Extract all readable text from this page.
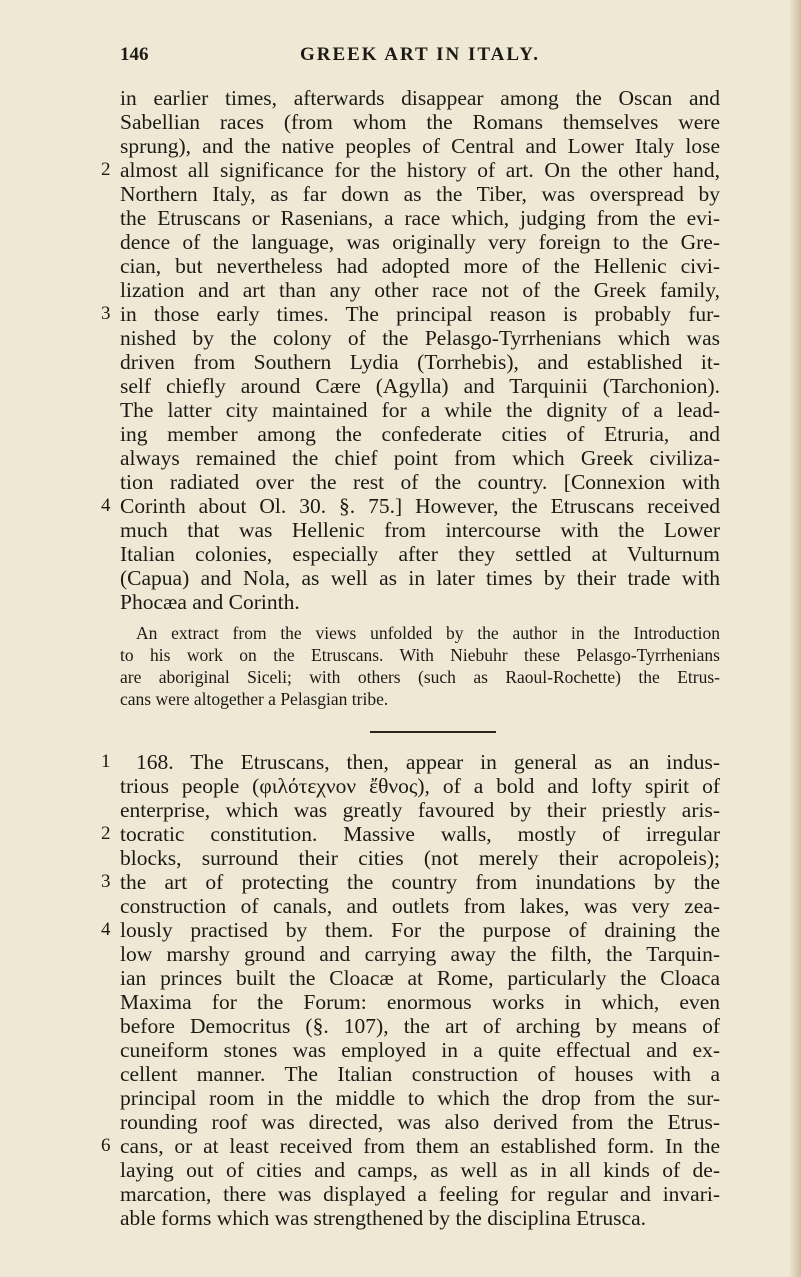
146	GREEK ART IN ITALY.
in earlier times, afterwards disappear among the Oscan and
Sabellian races (from whom the Romans themselves were
sprung), and the native peoples of Central and Lower Italy lose
almost all significance for the history of art. On the other hand,
Northern Italy, as far down as the Tiber, was overspread by
the Etruscans or Rasenians, a race which, judging from the evi-
dence of the language, was originally very foreign to the Gre-
cian, but nevertheless had adopted more of the Hellenic civi-
lization and art than any other race not of the Greek family,
in those early times. The principal reason is probably fur-
nished by the colony of the Pelasgo-Tyrrhenians which was
driven from Southern Lydia (Torrhebis), and established it-
self chiefly around Cære (Agylla) and Tarquinii (Tarchonion).
The latter city maintained for a while the dignity of a lead-
ing member among the confederate cities of Etruria, and
always remained the chief point from which Greek civiliza-
tion radiated over the rest of the country. [Connexion with
Corinth about Ol. 30. §. 75.] However, the Etruscans received
much that was Hellenic from intercourse with the Lower
Italian colonies, especially after they settled at Vulturnum
(Capua) and Nola, as well as in later times by their trade with
Phocæa and Corinth.
An extract from the views unfolded by the author in the Introduction
to his work on the Etruscans. With Niebuhr these Pelasgo-Tyrrhenians
are aboriginal Siceli; with others (such as Raoul-Rochette) the Etrus-
cans were altogether a Pelasgian tribe.
168. The Etruscans, then, appear in general as an indus-
trious people (φιλότεχνον ἔθνος), of a bold and lofty spirit of
enterprise, which was greatly favoured by their priestly aris-
tocratic constitution. Massive walls, mostly of irregular
blocks, surround their cities (not merely their acropoleis);
the art of protecting the country from inundations by the
construction of canals, and outlets from lakes, was very zea-
lously practised by them. For the purpose of draining the
low marshy ground and carrying away the filth, the Tarquin-
ian princes built the Cloacæ at Rome, particularly the Cloaca
Maxima for the Forum: enormous works in which, even
before Democritus (§. 107), the art of arching by means of
cuneiform stones was employed in a quite effectual and ex-
cellent manner. The Italian construction of houses with a
principal room in the middle to which the drop from the sur-
rounding roof was directed, was also derived from the Etrus-
cans, or at least received from them an established form. In the
laying out of cities and camps, as well as in all kinds of de-
marcation, there was displayed a feeling for regular and invari-
able forms which was strengthened by the disciplina Etrusca.
2
3
4
1
2
3
4
6
